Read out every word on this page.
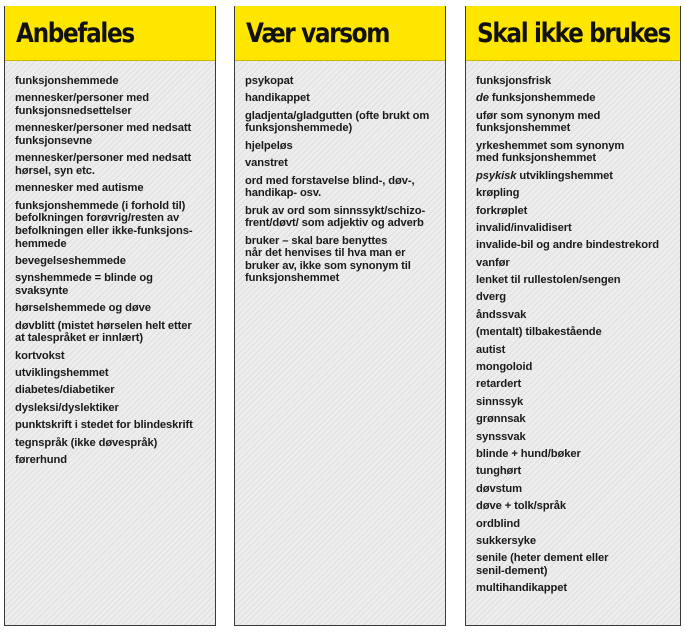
Anbefales
funksjonshemmede
mennesker/personer med
funksjonsnedsettelser
mennesker/personer med nedsatt
funksjonsevne
mennesker/personer med nedsatt
hørsel, syn etc.
mennesker med autisme
funksjonshemmede (i forhold til)
befolkningen forøvrig/resten av
befolkningen eller ikke-funksjons-
hemmede
bevegelseshemmede
synshemmede = blinde og
svaksynte
hørselshemmede og døve
døvblitt (mistet hørselen helt etter
at talespråket er innlært)
kortvokst
utviklingshemmet
diabetes/diabetiker
dysleksi/dyslektiker
punktskrift i stedet for blindeskrift
tegnspråk (ikke døvespråk)
førerhund
Vær varsom
psykopat
handikappet
gladjenta/gladgutten (ofte brukt om
funksjonshemmede)
hjelpeløs
vanstret
ord med forstavelse blind-, døv-,
handikap- osv.
bruk av ord som sinnssykt/schizo-
frent/døvt/ som adjektiv og adverb
bruker – skal bare benyttes
når det henvises til hva man er
bruker av, ikke som synonym til
funksjonshemmet
Skal ikke brukes
funksjonsfrisk
de funksjonshemmede
ufør som synonym med
funksjonshemmet
yrkeshemmet som synonym
med funksjonshemmet
psykisk utviklingshemmet
krøpling
forkrøplet
invalid/invalidisert
invalide-bil og andre bindestrekord
vanfør
lenket til rullestolen/sengen
dverg
åndssvak
(mentalt) tilbakestående
autist
mongoloid
retardert
sinnssyk
grønnsak
synssvak
blinde + hund/bøker
tunghørt
døvstum
døve + tolk/språk
ordblind
sukkersyke
senile (heter dement eller
senil-dement)
multihandikappet
